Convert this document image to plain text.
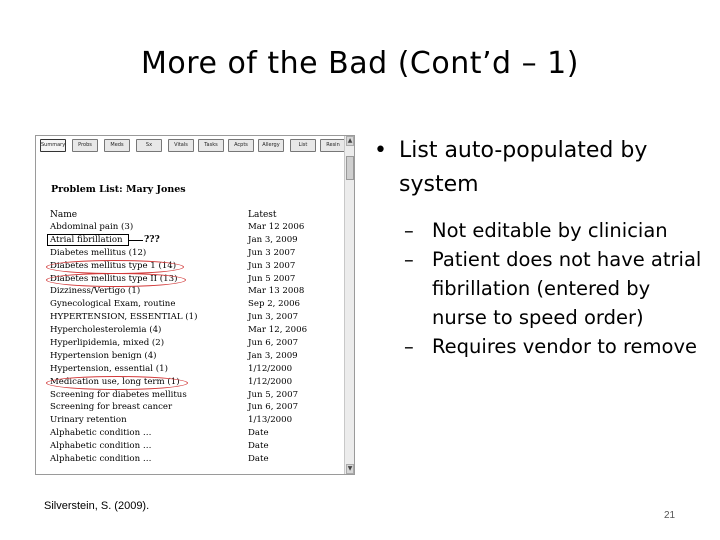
More of the Bad (Cont’d – 1)
Summary	Probs	Meds	Sx	Vitals	Tasks	Acpts	Allergy	List	Resin
▲
▼
Problem List: Mary Jones
Name	Latest
Abdominal pain (3)	Mar 12 2006
Atrial fibrillation	Jan 3, 2009
Diabetes mellitus (12)	Jun 3 2007
Diabetes mellitus type 1 (14)	Jun 3 2007
Diabetes mellitus type II (13)	Jun 5 2007
Dizziness/Vertigo (1)	Mar 13 2008
Gynecological Exam, routine	Sep 2, 2006
HYPERTENSION, ESSENTIAL (1)	Jun 3, 2007
Hypercholesterolemia (4)	Mar 12, 2006
Hyperlipidemia, mixed (2)	Jun 6, 2007
Hypertension benign (4)	Jan 3, 2009
Hypertension, essential (1)	1/12/2000
Medication use, long term (1)	1/12/2000
Screening for diabetes mellitus	Jun 5, 2007
Screening for breast cancer	Jun 6, 2007
Urinary retention	1/13/2000
Alphabetic condition …	Date
Alphabetic condition …	Date
Alphabetic condition …	Date
???
• List auto-populated by system
– Not editable by clinician
– Patient does not have atrial fibrillation (entered by nurse to speed order)
– Requires vendor to remove
Silverstein, S. (2009).
21
